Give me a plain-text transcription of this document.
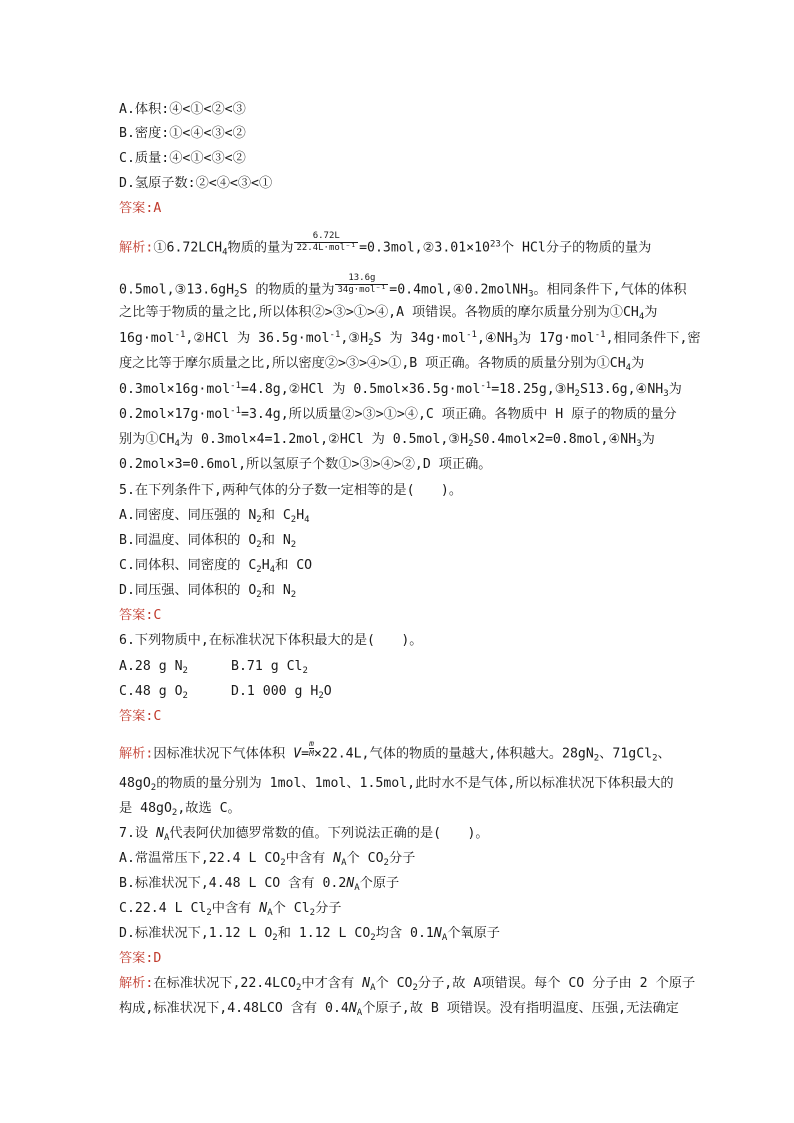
A.体积:④<①<②<③
B.密度:①<④<③<②
C.质量:④<①<③<②
D.氢原子数:②<④<③<①
答案:A
解析$:①6.72LCH_4$物质的量为 $\frac{6.72L}{\text{22.4L·mol⁻¹}}$ $=0.3mol,②3.01\times 10^{23}$个 HCl分子的物质的量为
$0.5mol,③13.6gH_2S$ 的物质的量为 $\frac{13.6g}{\text{34g·mol⁻¹}}$ =0.4mol,④0.2molNH$_3$。相同条件下,气体的体积
之比等于物质的量之比,所以体积②>③>①>④,A 项错误。各物质的摩尔质量分别为$①CH_4$为
16g·mol$^{-1}$,②HCl 为 $36.5g\cdot mol^{-1},③H_2S$ 为 $34g\cdot mol^{-1},④NH_3$为 17g·mol$^{-1}$,相同条件下,密
度之比等于摩尔质量之比,所以密度②>③>④>①,B 项正确。各物质的质量分别为$①CH_4$为
0.3mol×16g·mol$^{-1}$=4.8g,②HCl 为 $0.5mol\times 36.5g\cdot mol^{-1}=18.25g,③H_2S13.6g,④NH_3$为
0.2mol×17g·mol$^{-1}$=3.4g,所以质量②>③>①>④,C 项正确。各物质中 H 原子的物质的量分
别为$①CH_4$为 0.3mol×4=1.2mol,②HCl 为 $0.5mol,③H_2S0.4mol\times 2=0.8mol,④NH_3$为
0.2mol×3=0.6mol,所以氢原子个数①>③>④>②,D 项正确。
5.在下列条件下,两种气体的分子数一定相等的是(　　)。
A.同密度、同压强的 $N_2$和 $C_2H_4$
B.同温度、同体积的 $O_2$和 $N_2$
C.同体积、同密度的 $C_2H_4$和 CO
D.同压强、同体积的 $O_2$和 $N_2$
答案:C
6.下列物质中,在标准状况下体积最大的是(　　)。
A.28 g $N_2$	B.71 g $Cl_2$
C.48 g $O_2$	D.1 000 g $H_2O$
答案:C
解析:因标准状况下气体体积 $V= \frac{m}{M} \times 22.4L$,气体的物质的量越大,体积越大。$28gN_2$、71gCl$_2$、
$48gO_2$的物质的量分别为 1mol、1mol、1.5mol,此时水不是气体,所以标准状况下体积最大的
是 $48gO_2$,故选 C。
7.设 $N_A$代表阿伏加德罗常数的值。下列说法正确的是(　　)。
A.常温常压下,22.4 L $CO_2$中含有 $N_A$个 $CO_2$分子
B.标准状况下,4.48 L CO 含有 $0.2N_A$个原子
C.22.4 L $Cl_2$中含有 $N_A$个 $Cl_2$分子
D.标准状况下,1.12 L $O_2$和 1.12 L $CO_2$均含 $0.1N_A$个氧原子
答案:D
解析:在标准状况下$,22.4LCO_2$中才含有 $N_A$个 $CO_2$分子,故 A项错误。每个 CO 分子由 2 个原子
构成,标准状况下,4.48LCO 含有 $0.4N_A$个原子,故 B 项错误。没有指明温度、压强,无法确定
